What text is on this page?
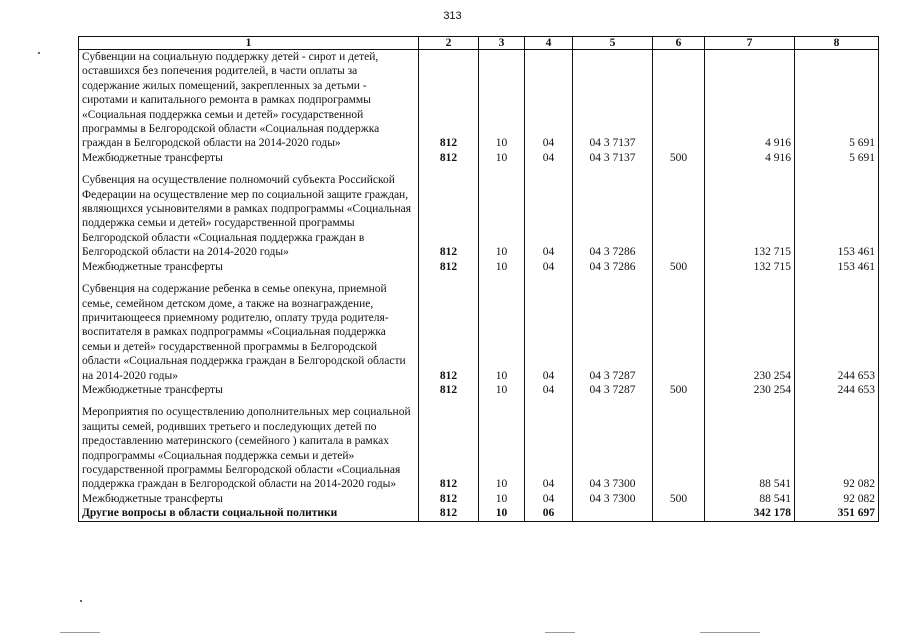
313
1	2	3	4	5	6	7	8
Субвенции на социальную поддержку детей - сирот и детей, оставшихся без попечения родителей, в части оплаты за содержание жилых помещений, закрепленных за детьми - сиротами и капитального ремонта в рамках подпрограммы «Социальная поддержка семьи и детей» государственной программы в Белгородской области «Социальная поддержка граждан в Белгородской области на 2014-2020 годы»	812	10	04	04 3 7137		4 916	5 691
Межбюджетные трансферты	812	10	04	04 3 7137	500	4 916	5 691

Субвенция на осуществление полномочий субъекта Российской Федерации на осуществление мер по социальной защите граждан, являющихся усыновителями в рамках подпрограммы «Социальная поддержка семьи и детей» государственной программы Белгородской области «Социальная поддержка граждан в Белгородской области на 2014-2020 годы»	812	10	04	04 3 7286		132 715	153 461
Межбюджетные трансферты	812	10	04	04 3 7286	500	132 715	153 461

Субвенция на содержание ребенка в семье опекуна, приемной семье, семейном детском доме, а также на вознаграждение, причитающееся приемному родителю, оплату труда родителя-воспитателя в рамках подпрограммы «Социальная поддержка семьи и детей» государственной программы в Белгородской области «Социальная поддержка граждан в Белгородской области на 2014-2020 годы»	812	10	04	04 3 7287		230 254	244 653
Межбюджетные трансферты	812	10	04	04 3 7287	500	230 254	244 653

Мероприятия по осуществлению дополнительных мер социальной защиты семей, родивших третьего и последующих детей по предоставлению материнского (семейного ) капитала в рамках подпрограммы «Социальная поддержка семьи и детей» государственной программы Белгородской области «Социальная поддержка граждан в Белгородской области на 2014-2020 годы»	812	10	04	04 3 7300		88 541	92 082
Межбюджетные трансферты	812	10	04	04 3 7300	500	88 541	92 082
Другие вопросы в области социальной политики	812	10	06			342 178	351 697
